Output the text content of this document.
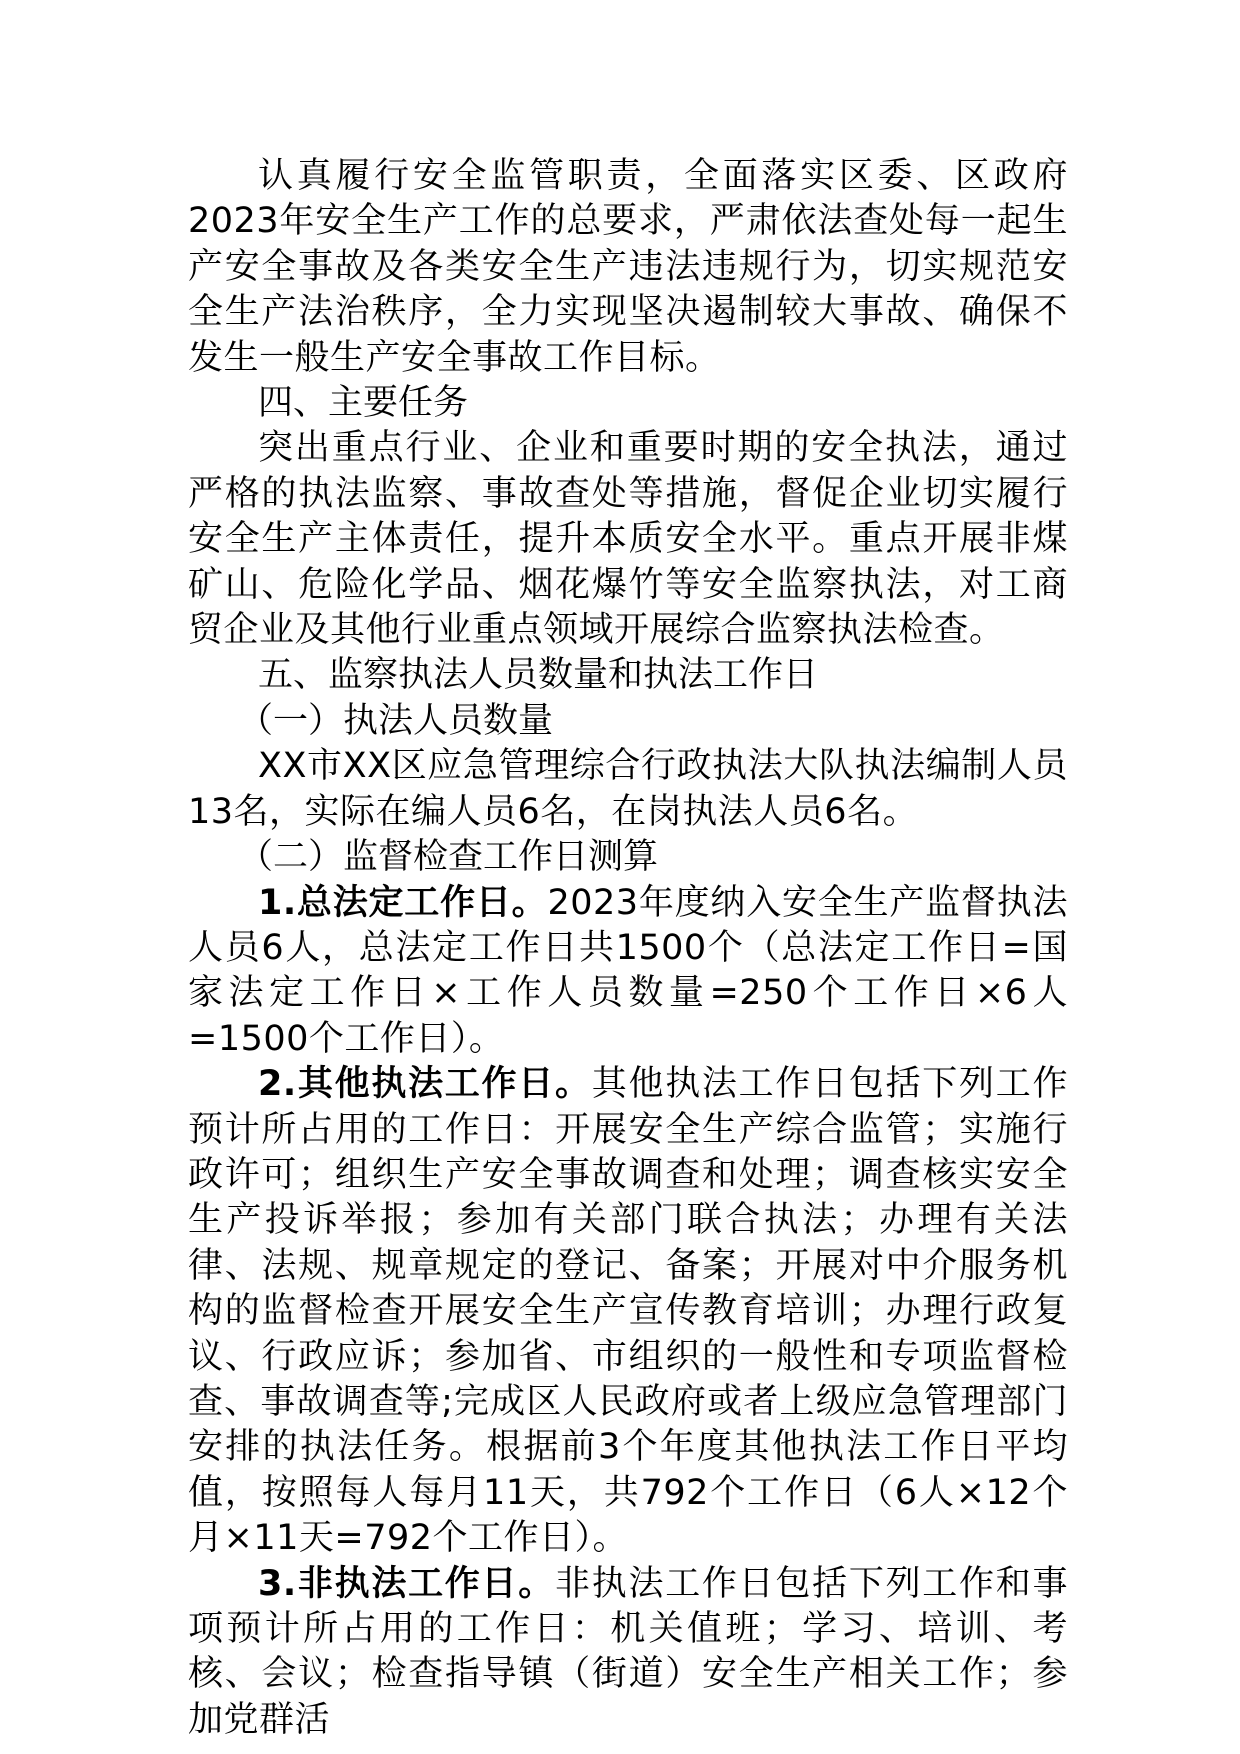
认真履行安全监管职责，全面落实区委、区政府2023年安全生产工作的总要求，严肃依法查处每一起生产安全事故及各类安全生产违法违规行为，切实规范安全生产法治秩序，全力实现坚决遏制较大事故、确保不发生一般生产安全事故工作目标。

四、主要任务

突出重点行业、企业和重要时期的安全执法，通过严格的执法监察、事故查处等措施，督促企业切实履行安全生产主体责任，提升本质安全水平。重点开展非煤矿山、危险化学品、烟花爆竹等安全监察执法，对工商贸企业及其他行业重点领域开展综合监察执法检查。

五、监察执法人员数量和执法工作日

（一）执法人员数量

XX市XX区应急管理综合行政执法大队执法编制人员13名，实际在编人员6名，在岗执法人员6名。

（二）监督检查工作日测算

1.总法定工作日。2023年度纳入安全生产监督执法人员6人，总法定工作日共1500个（总法定工作日=国家法定工作日×工作人员数量=250个工作日×6人=1500个工作日）。

2.其他执法工作日。其他执法工作日包括下列工作预计所占用的工作日：开展安全生产综合监管；实施行政许可；组织生产安全事故调查和处理；调查核实安全生产投诉举报；参加有关部门联合执法；办理有关法律、法规、规章规定的登记、备案；开展对中介服务机构的监督检查开展安全生产宣传教育培训；办理行政复议、行政应诉；参加省、市组织的一般性和专项监督检查、事故调查等;完成区人民政府或者上级应急管理部门安排的执法任务。根据前3个年度其他执法工作日平均值，按照每人每月11天，共792个工作日（6人×12个月×11天=792个工作日）。

3.非执法工作日。非执法工作日包括下列工作和事项预计所占用的工作日：机关值班；学习、培训、考核、会议；检查指导镇（街道）安全生产相关工作；参加党群活
